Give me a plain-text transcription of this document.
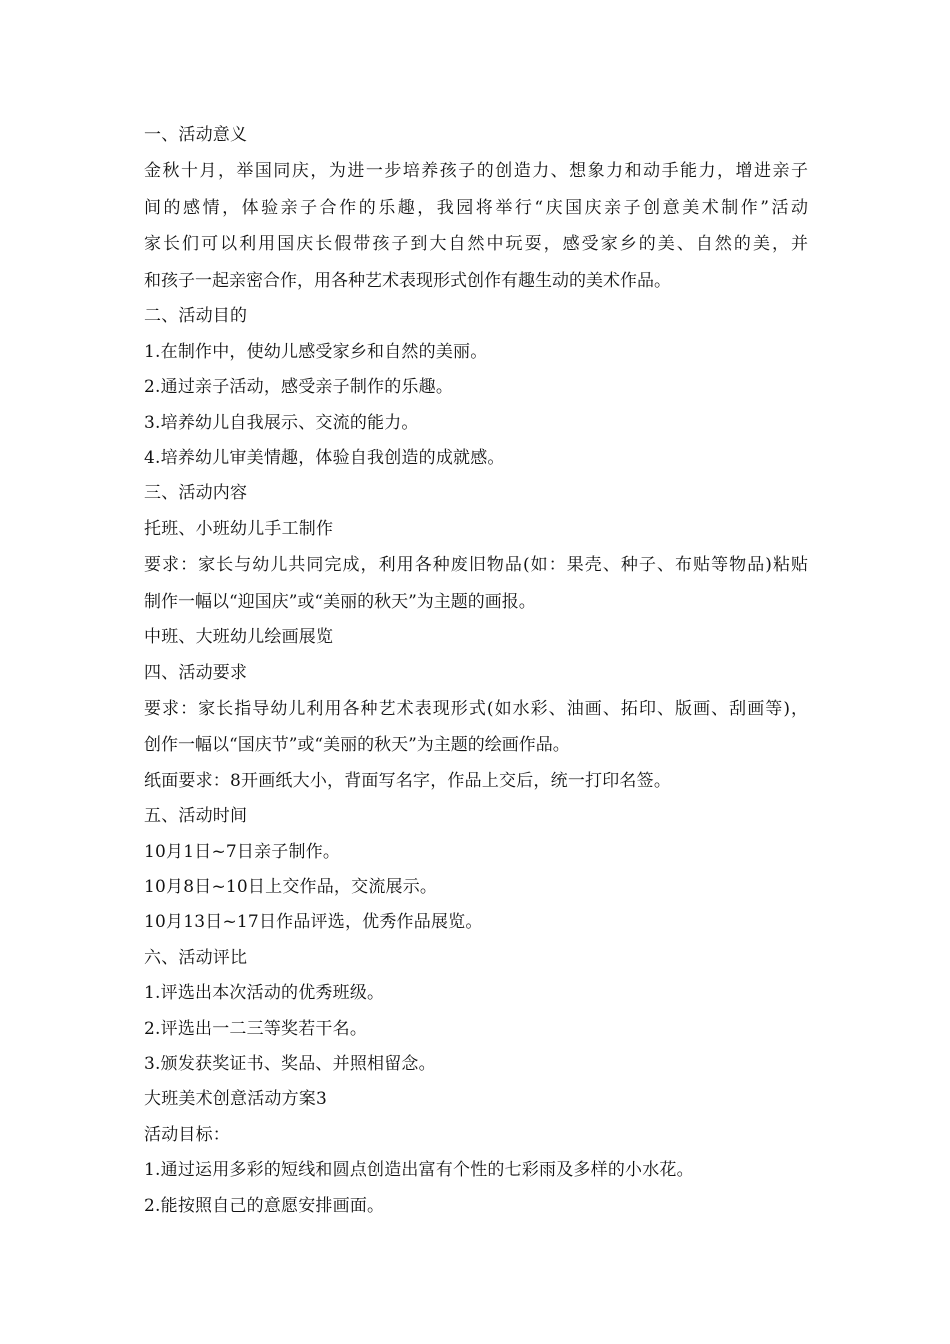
一、活动意义
金秋十月，举国同庆，为进一步培养孩子的创造力、想象力和动手能力，增进亲子
间的感情，体验亲子合作的乐趣，我园将举行“庆国庆亲子创意美术制作”活动
家长们可以利用国庆长假带孩子到大自然中玩耍，感受家乡的美、自然的美，并
和孩子一起亲密合作，用各种艺术表现形式创作有趣生动的美术作品。
二、活动目的
1.在制作中，使幼儿感受家乡和自然的美丽。
2.通过亲子活动，感受亲子制作的乐趣。
3.培养幼儿自我展示、交流的能力。
4.培养幼儿审美情趣，体验自我创造的成就感。
三、活动内容
托班、小班幼儿手工制作
要求：家长与幼儿共同完成，利用各种废旧物品(如：果壳、种子、布贴等物品)粘贴
制作一幅以“迎国庆”或“美丽的秋天”为主题的画报。
中班、大班幼儿绘画展览
四、活动要求
要求：家长指导幼儿利用各种艺术表现形式(如水彩、油画、拓印、版画、刮画等)，
创作一幅以“国庆节”或“美丽的秋天”为主题的绘画作品。
纸面要求：8开画纸大小，背面写名字，作品上交后，统一打印名签。
五、活动时间
10月1日~7日亲子制作。
10月8日~10日上交作品，交流展示。
10月13日~17日作品评选，优秀作品展览。
六、活动评比
1.评选出本次活动的优秀班级。
2.评选出一二三等奖若干名。
3.颁发获奖证书、奖品、并照相留念。
大班美术创意活动方案3
活动目标：
1.通过运用多彩的短线和圆点创造出富有个性的七彩雨及多样的小水花。
2.能按照自己的意愿安排画面。
